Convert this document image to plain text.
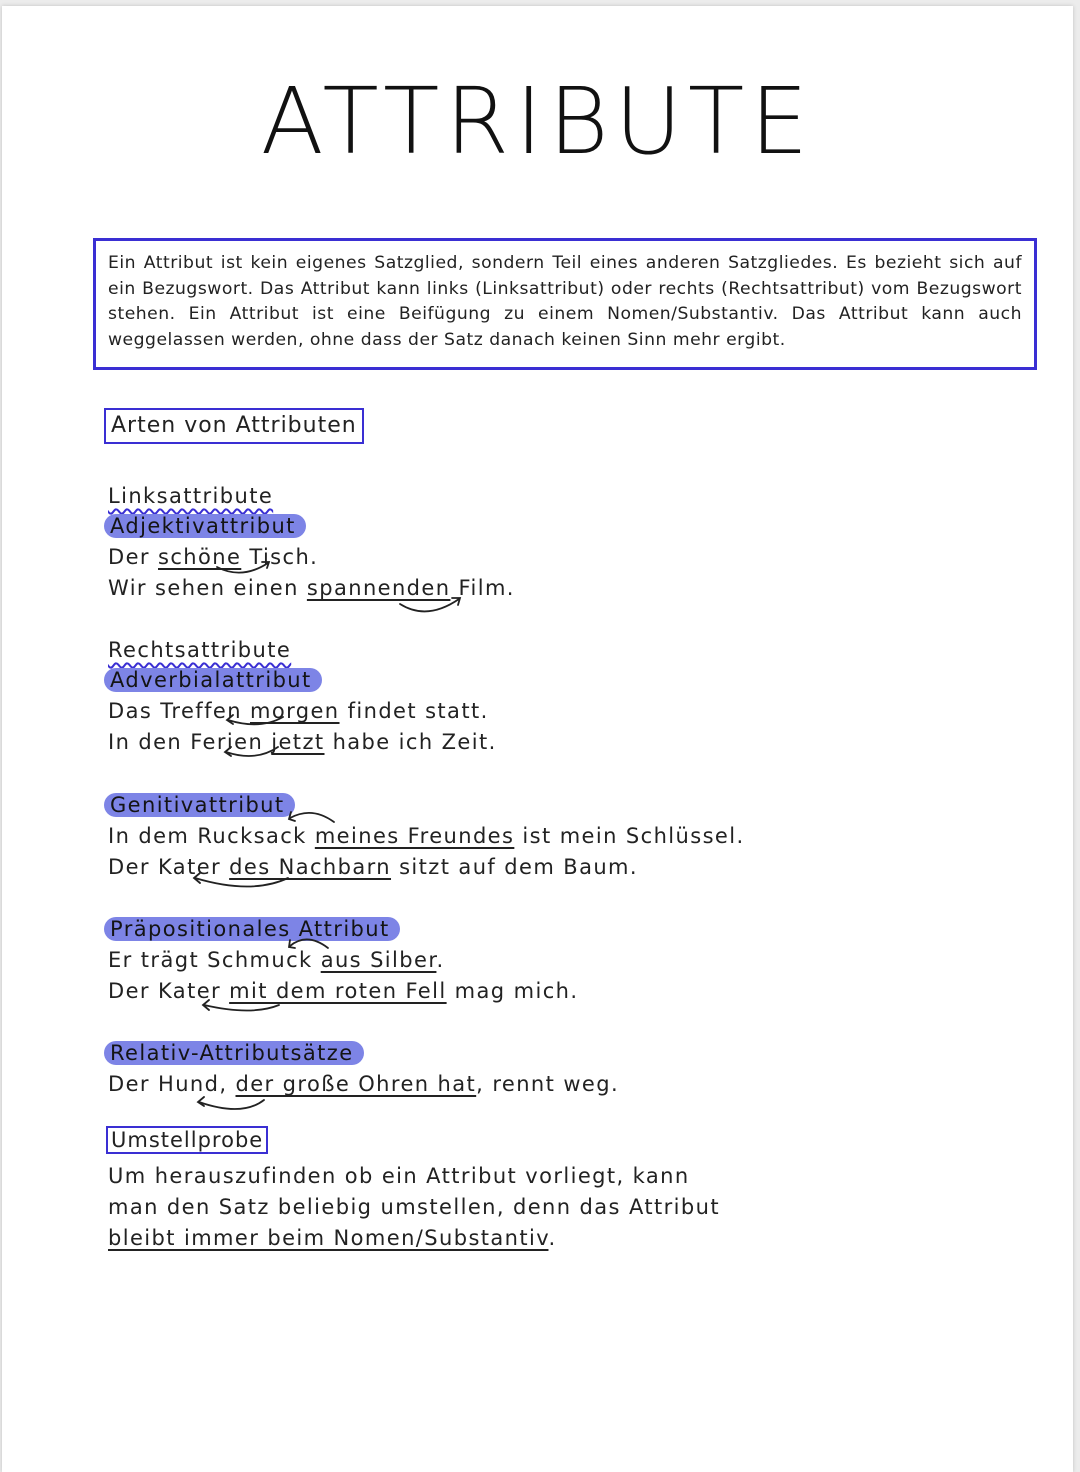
ATTRIBUTE
Ein Attribut ist kein eigenes Satzglied, sondern Teil eines anderen Satzgliedes. Es bezieht sich auf ein Bezugswort. Das Attribut kann links (Linksattribut) oder rechts (Rechtsattribut) vom Bezugswort stehen. Ein Attribut ist eine Beifügung zu einem Nomen/Substantiv. Das Attribut kann auch weggelassen werden, ohne dass der Satz danach keinen Sinn mehr ergibt.
Arten von Attributen
Linksattribute
Adjektivattribut
Der schöne Tisch.
Wir sehen einen spannenden Film.
Rechtsattribute
Adverbialattribut
Das Treffen morgen findet statt.
In den Ferien jetzt habe ich Zeit.
Genitivattribut
In dem Rucksack meines Freundes ist mein Schlüssel.
Der Kater des Nachbarn sitzt auf dem Baum.
Präpositionales Attribut
Er trägt Schmuck aus Silber.
Der Kater mit dem roten Fell mag mich.
Relativ-Attributsätze
Der Hund, der große Ohren hat, rennt weg.
Umstellprobe
Um herauszufinden ob ein Attribut vorliegt, kann
man den Satz beliebig umstellen, denn das Attribut
bleibt immer beim Nomen/Substantiv.
